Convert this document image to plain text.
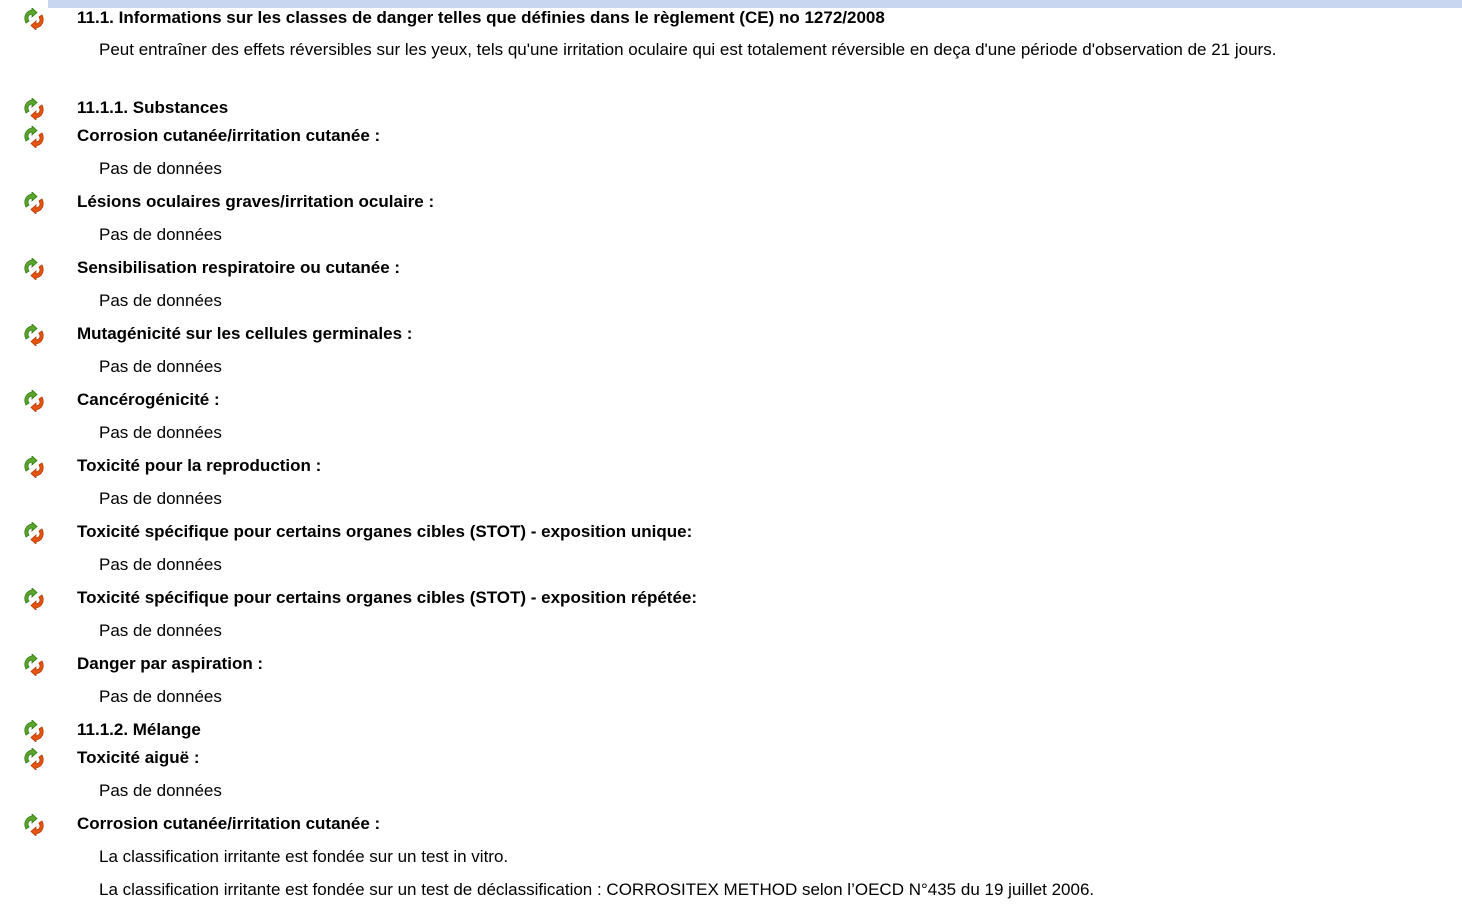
11.1. Informations sur les classes de danger telles que définies dans le règlement (CE) no 1272/2008
Peut entraîner des effets réversibles sur les yeux, tels qu'une irritation oculaire qui est totalement réversible en deça d'une période d'observation de 21 jours.
11.1.1. Substances
Corrosion cutanée/irritation cutanée :
Pas de données
Lésions oculaires graves/irritation oculaire :
Pas de données
Sensibilisation respiratoire ou cutanée :
Pas de données
Mutagénicité sur les cellules germinales :
Pas de données
Cancérogénicité :
Pas de données
Toxicité pour la reproduction :
Pas de données
Toxicité spécifique pour certains organes cibles (STOT) - exposition unique:
Pas de données
Toxicité spécifique pour certains organes cibles (STOT) - exposition répétée:
Pas de données
Danger par aspiration :
Pas de données
11.1.2. Mélange
Toxicité aiguë :
Pas de données
Corrosion cutanée/irritation cutanée :
La classification irritante est fondée sur un test in vitro.
La classification irritante est fondée sur un test de déclassification : CORROSITEX METHOD selon l’OECD N°435 du 19 juillet 2006.
